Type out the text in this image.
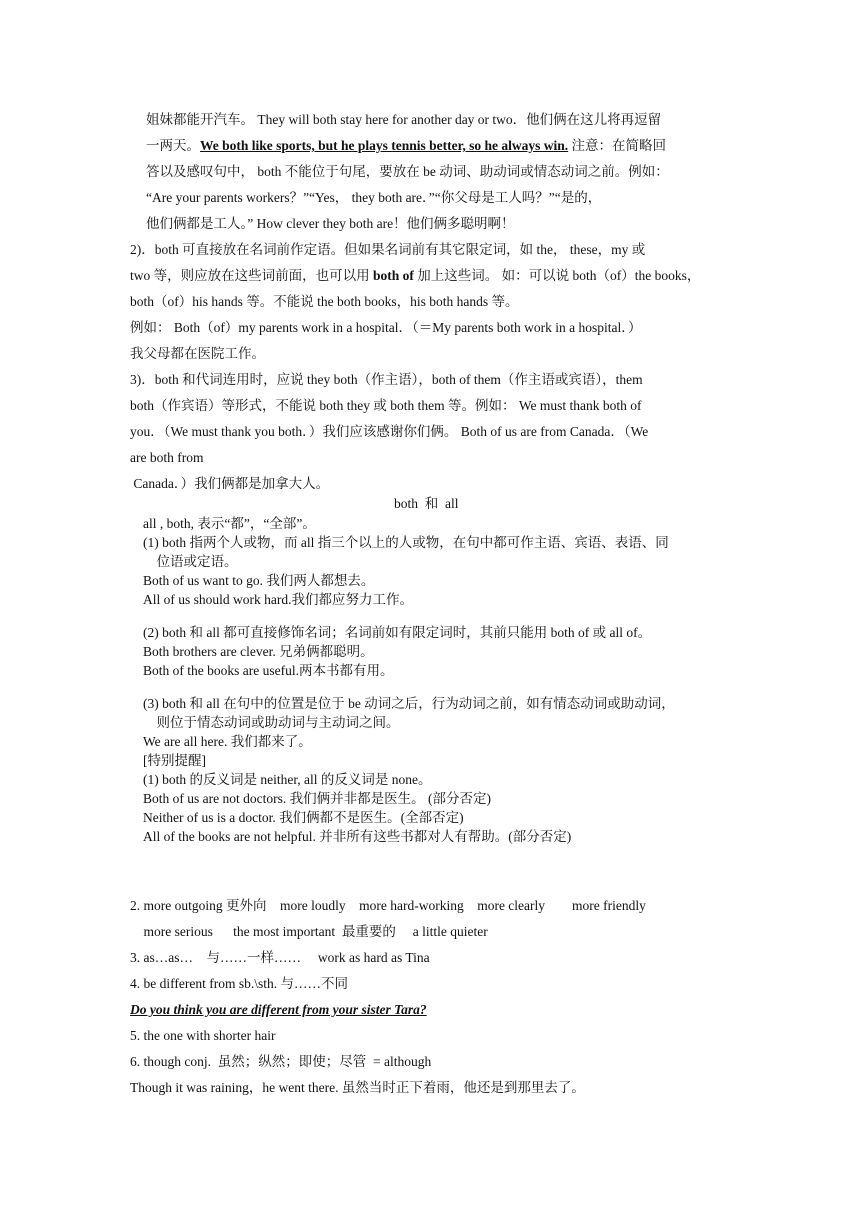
姐妹都能开汽车。 They will both stay here for another day or two．他们俩在这儿将再逗留
一两天。We both like sports, but he plays tennis better, so he always win. 注意：在简略回
答以及感叹句中， both 不能位于句尾，要放在 be 动词、助动词或情态动词之前。例如：
“Are your parents workers？”“Yes， they both are．”“你父母是工人吗？”“是的，
他们俩都是工人。” How clever they both are！他们俩多聪明啊！
2)．both 可直接放在名词前作定语。但如果名词前有其它限定词，如 the， these，my 或
two 等，则应放在这些词前面，也可以用 both of 加上这些词。 如：可以说 both（of）the books，
both（of）his hands 等。不能说 the both books，his both hands 等。
例如： Both（of）my parents work in a hospital．（＝My parents both work in a hospital．）
我父母都在医院工作。
3)．both 和代词连用时，应说 they both（作主语），both of them（作主语或宾语），them
both（作宾语）等形式，不能说 both they 或 both them 等。例如： We must thank both of
you．（We must thank you both．）我们应该感谢你们俩。 Both of us are from Canada．（We
are both from
Canada．）我们俩都是加拿大人。
both  和  all
all , both, 表示“都”，“全部”。
(1) both 指两个人或物，而 all 指三个以上的人或物，在句中都可作主语、宾语、表语、同
位语或定语。
Both of us want to go. 我们两人都想去。
All of us should work hard.我们都应努力工作。
(2) both 和 all 都可直接修饰名词；名词前如有限定词时，其前只能用 both of 或 all of。
Both brothers are clever. 兄弟俩都聪明。
Both of the books are useful.两本书都有用。
(3) both 和 all 在句中的位置是位于 be 动词之后，行为动词之前，如有情态动词或助动词，
则位于情态动词或助动词与主动词之间。
We are all here. 我们都来了。
[特别提醒]
(1) both 的反义词是 neither, all 的反义词是 none。
Both of us are not doctors. 我们俩并非都是医生。 (部分否定)
Neither of us is a doctor. 我们俩都不是医生。(全部否定)
All of the books are not helpful. 并非所有这些书都对人有帮助。(部分否定)
2. more outgoing 更外向    more loudly    more hard-working    more clearly        more friendly
more serious      the most important  最重要的     a little quieter
3. as…as…    与……一样……     work as hard as Tina
4. be different from sb.\sth. 与……不同
Do you think you are different from your sister Tara?
5. the one with shorter hair
6. though conj.  虽然；纵然；即使；尽管  = although
Though it was raining，he went there. 虽然当时正下着雨，他还是到那里去了。
